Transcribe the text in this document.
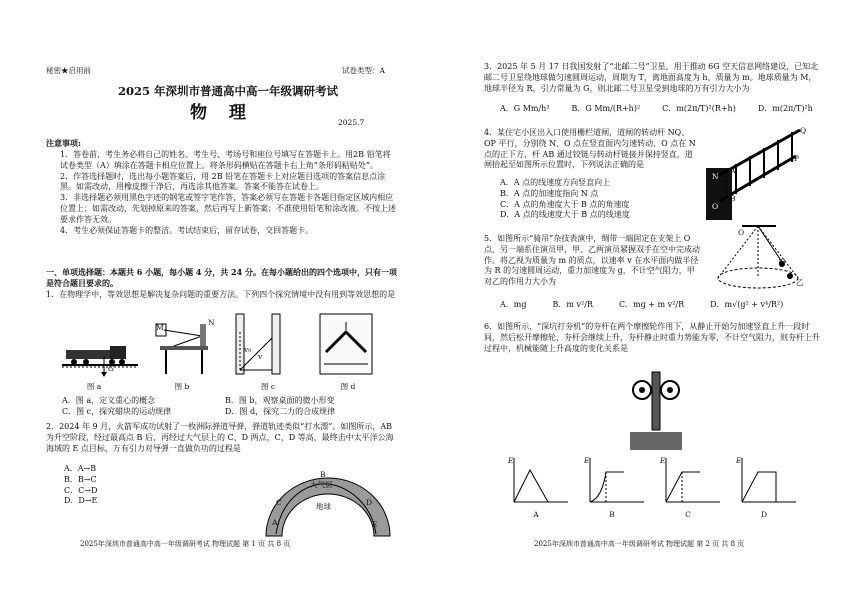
秘密★启用前	试卷类型：A
2025 年深圳市普通高中高一年级调研考试
物 理	2025.7
注意事项:
1．答卷前，考生务必将自己的姓名、考生号、考场号和座位号填写在答题卡上。用2B 铅笔将试卷类型（A）填涂在答题卡相应位置上。将条形码横贴在答题卡右上角“条形码粘贴处”。
2．作答选择题时，选出每小题答案后，用 2B 铅笔在答题卡上对应题目选项的答案信息点涂黑。如需改动，用橡皮擦干净后，再选涂其他答案。答案不能答在试卷上。
3．非选择题必须用黑色字迹的钢笔或签字笔作答，答案必须写在答题卡各题目指定区域内相应位置上；如需改动，先划掉原来的答案，然后再写上新答案；不准使用铅笔和涂改液。不按上述要求作答无效。
4．考生必须保证答题卡的整洁。考试结束后，留存试卷，交回答题卡。
一、单项选择题：本题共 6 小题，每小题 4 分，共 24 分。在每小题给出的四个选项中，只有一项是符合题目要求的。
1．在物理学中，等效思想是解决复杂问题的重要方法。下列四个探究情境中没有用到等效思想的是
G
M
N
v₀
v
图 a	图 b	图 c	图 d
A．图 a，定义重心的概念	B．图 b，观察桌面的微小形变
C．图 c，探究蜡块的运动规律	D．图 d，探究二力的合成规律
2．2024 年 9 月，火箭军成功试射了一枚洲际弹道导弹，弹道轨迹类似“打水漂”。如图所示，AB 为升空阶段，经过最高点 B 后，再经过大气层上的 C、D 两点，C、D 等高，最终击中太平洋公海海域的 E 点目标，万有引力对导弹一直做负功的过程是
A．A→B
B．B→C
C．C→D
D．D→E
大气层
地球
B
A
C	D
E
2025年深圳市普通高中高一年级调研考试 物理试题 第 1 页 共 8 页
3．2025 年 5 月 17 日我国发射了“北邮二号”卫星，用于推动 6G 空天信息网络建设，已知北邮二号卫星绕地球做匀速圆周运动，周期为 T，离地面高度为 h，质量为 m。地球质量为 M，地球半径为 R，引力常量为 G，则北邮二号卫星受到地球的万有引力大小为
A．G Mm/h²	B．G Mm/(R+h)²	C．m(2π/T)²(R+h)	D．m(2π/T)²h
4．某住宅小区出入口使用栅栏道闸，道闸的转动杆 NQ、OP 平行，分别绕 N、O 点在竖直面内匀速转动，O 点在 N 点的正下方，杆 AB 通过铰链与转动杆链接并保持竖直，道闸抬起至如图所示位置时，下列说法正确的是
A．A 点的线速度方向竖直向上
B．A 点的加速度指向 N 点
C．A 点的角速度大于 B 点的角速度
D．A 点的线速度大于 B 点的线速度
Q
P
N
O
A
B
5．如图所示“骑吊”杂技表演中，绸带一端固定在支架上 O 点，另一端系住演员甲，甲、乙两演员紧握双手在空中完成动作。将乙视为质量为 m 的质点，以速率 v 在水平面内做半径为 R 的匀速圆周运动，重力加速度为 g，不计空气阻力，甲对乙的作用力大小为
A．mg	B．m v²/R	C．mg + m v²/R	D．m√(g² + v⁴/R²)
O
甲
乙
6．如图所示，“深坑打夯机”的夯杆在两个摩擦轮作用下，从静止开始匀加速竖直上升一段时间，然后松开摩擦轮，夯杆会继续上升，夯杆静止时重力势能为零，不计空气阻力，则夯杆上升过程中，机械能随上升高度的变化关系是
E	E	E	E
A	B	C	D
2025年深圳市普通高中高一年级调研考试 物理试题 第 2 页 共 8 页
